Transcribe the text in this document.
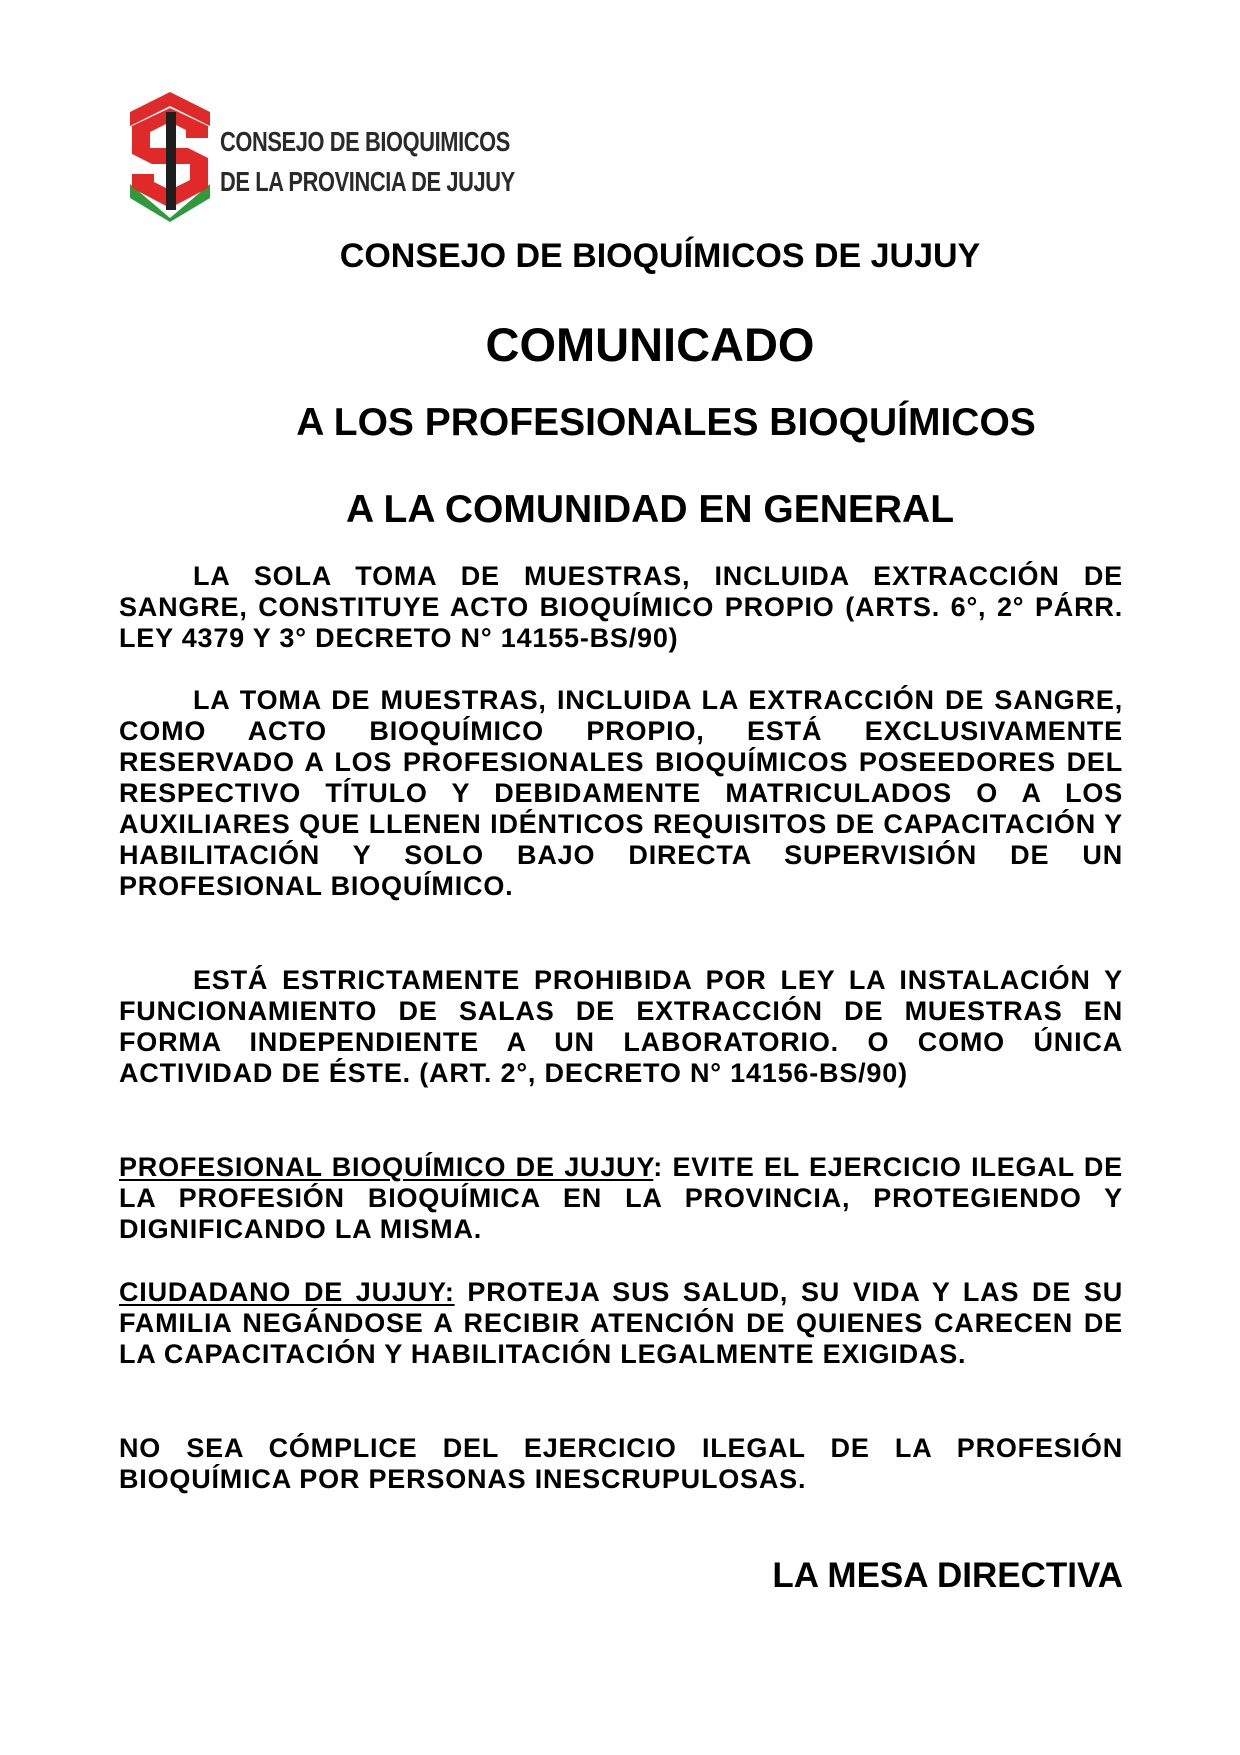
CONSEJO DE BIOQUIMICOS
DE LA PROVINCIA DE JUJUY
CONSEJO DE BIOQUÍMICOS DE JUJUY
COMUNICADO
A LOS PROFESIONALES BIOQUÍMICOS
A LA COMUNIDAD EN GENERAL

LA SOLA TOMA DE MUESTRAS, INCLUIDA EXTRACCIÓN DE SANGRE, CONSTITUYE ACTO BIOQUÍMICO PROPIO (ARTS. 6°, 2° PÁRR. LEY 4379 Y 3° DECRETO N° 14155-BS/90)

LA TOMA DE MUESTRAS, INCLUIDA LA EXTRACCIÓN DE SANGRE, COMO ACTO BIOQUÍMICO PROPIO, ESTÁ EXCLUSIVAMENTE RESERVADO A LOS PROFESIONALES BIOQUÍMICOS POSEEDORES DEL RESPECTIVO TÍTULO Y DEBIDAMENTE MATRICULADOS O A LOS AUXILIARES QUE LLENEN IDÉNTICOS REQUISITOS DE CAPACITACIÓN Y HABILITACIÓN Y SOLO BAJO DIRECTA SUPERVISIÓN DE UN PROFESIONAL BIOQUÍMICO.

ESTÁ ESTRICTAMENTE PROHIBIDA POR LEY LA INSTALACIÓN Y FUNCIONAMIENTO DE SALAS DE EXTRACCIÓN DE MUESTRAS EN FORMA INDEPENDIENTE A UN LABORATORIO. O COMO ÚNICA ACTIVIDAD DE ÉSTE. (ART. 2°, DECRETO N° 14156-BS/90)

PROFESIONAL BIOQUÍMICO DE JUJUY: EVITE EL EJERCICIO ILEGAL DE LA PROFESIÓN BIOQUÍMICA EN LA PROVINCIA, PROTEGIENDO Y DIGNIFICANDO LA MISMA.

CIUDADANO DE JUJUY: PROTEJA SUS SALUD, SU VIDA Y LAS DE SU FAMILIA NEGÁNDOSE A RECIBIR ATENCIÓN DE QUIENES CARECEN DE LA CAPACITACIÓN Y HABILITACIÓN LEGALMENTE EXIGIDAS.

NO SEA CÓMPLICE DEL EJERCICIO ILEGAL DE LA PROFESIÓN BIOQUÍMICA POR PERSONAS INESCRUPULOSAS.

LA MESA DIRECTIVA
